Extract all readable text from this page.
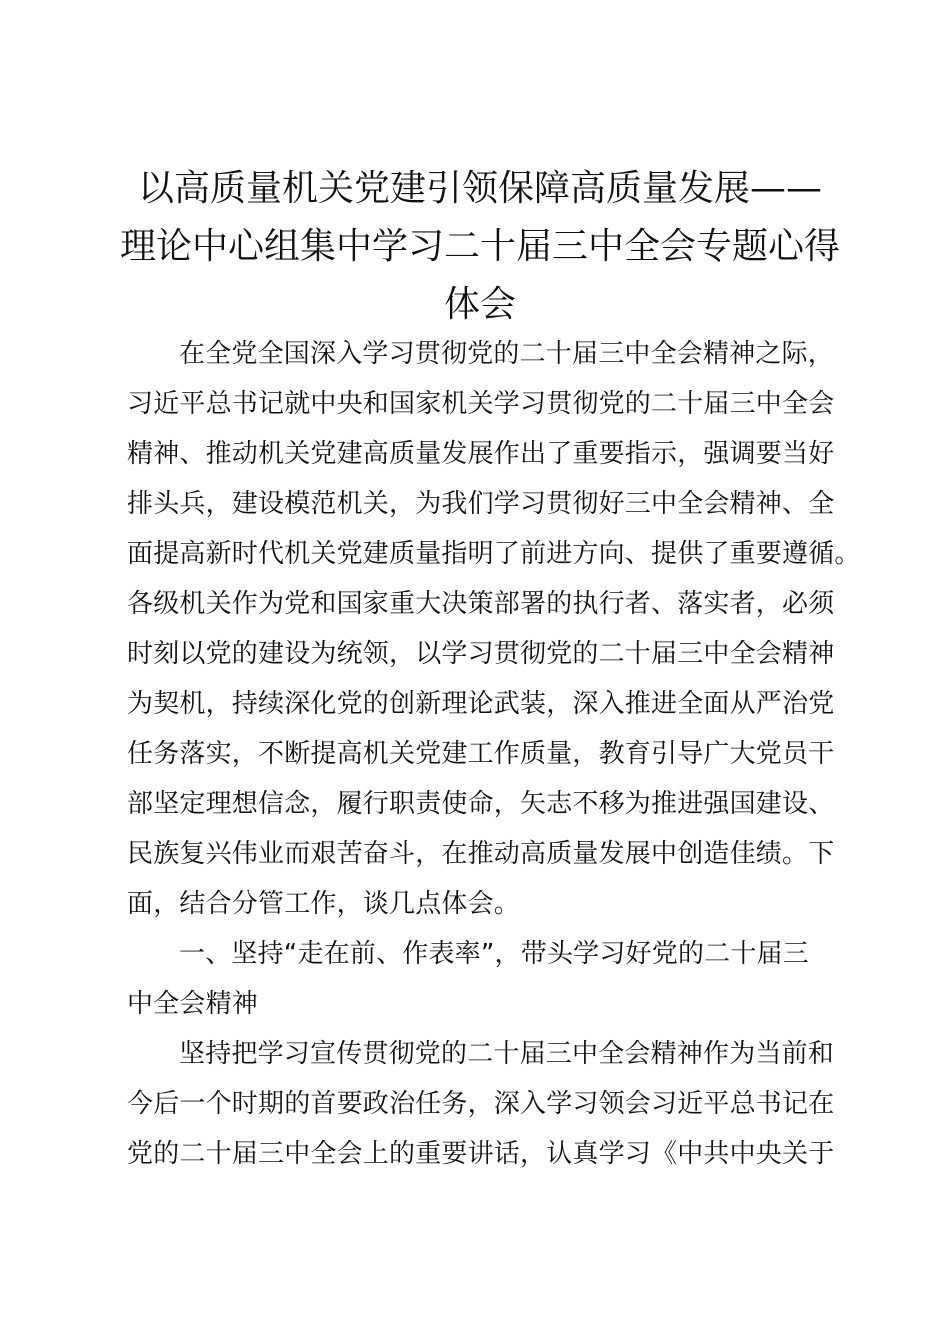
以高质量机关党建引领保障高质量发展——
理论中心组集中学习二十届三中全会专题心得
体会
在全党全国深入学习贯彻党的二十届三中全会精神之际，
习近平总书记就中央和国家机关学习贯彻党的二十届三中全会
精神、推动机关党建高质量发展作出了重要指示，强调要当好
排头兵，建设模范机关，为我们学习贯彻好三中全会精神、全
面提高新时代机关党建质量指明了前进方向、提供了重要遵循。
各级机关作为党和国家重大决策部署的执行者、落实者，必须
时刻以党的建设为统领，以学习贯彻党的二十届三中全会精神
为契机，持续深化党的创新理论武装，深入推进全面从严治党
任务落实，不断提高机关党建工作质量，教育引导广大党员干
部坚定理想信念，履行职责使命，矢志不移为推进强国建设、
民族复兴伟业而艰苦奋斗，在推动高质量发展中创造佳绩。下
面，结合分管工作，谈几点体会。
一、坚持“走在前、作表率”，带头学习好党的二十届三
中全会精神
坚持把学习宣传贯彻党的二十届三中全会精神作为当前和
今后一个时期的首要政治任务，深入学习领会习近平总书记在
党的二十届三中全会上的重要讲话，认真学习《中共中央关于
